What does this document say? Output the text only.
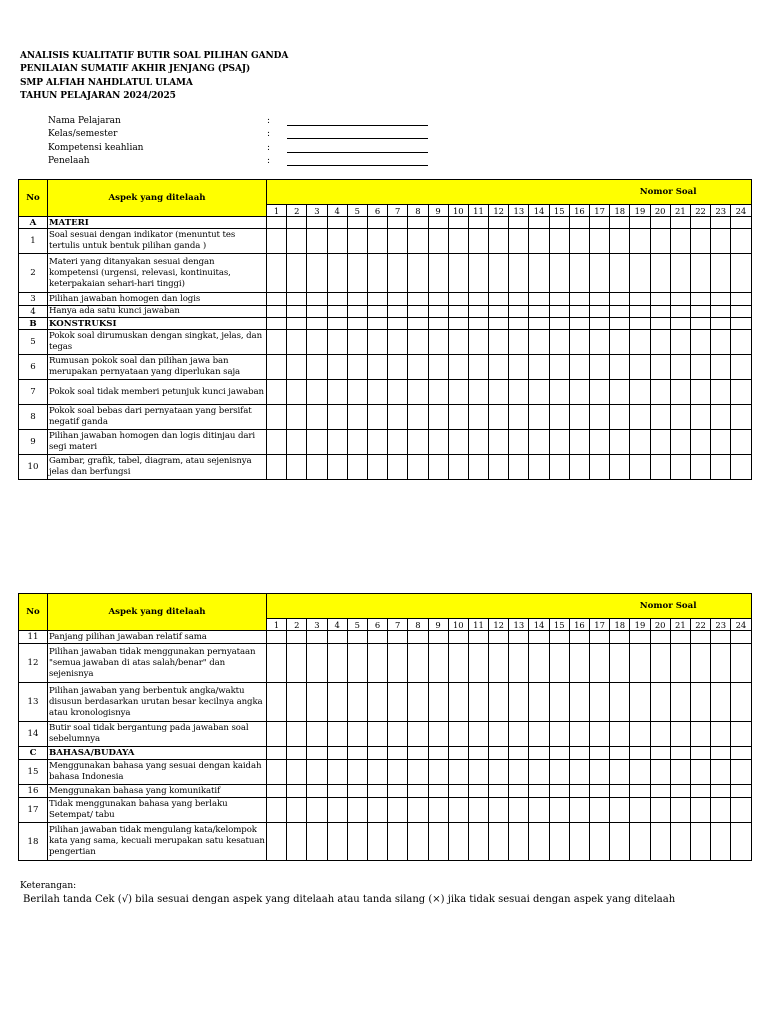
ANALISIS KUALITATIF BUTIR SOAL PILIHAN GANDA
PENILAIAN SUMATIF AKHIR JENJANG (PSAJ)
SMP ALFIAH NAHDLATUL ULAMA
TAHUN PELAJARAN 2024/2025
Nama Pelajaran	:
Kelas/semester	:
Kompetensi keahlian	:
Penelaah	:
No	Aspek yang ditelaah	Nomor Soal																							
		1	2	3	4	5	6	7	8	9	10	11	12	13	14	15	16	17	18	19	20	21	22	23	24
A	MATERI																								
1	Soal sesuai dengan indikator (menuntut tes tertulis untuk bentuk pilihan ganda )																								
2	Materi yang ditanyakan sesuai dengan kompetensi (urgensi, relevasi, kontinuitas, keterpakaian sehari-hari tinggi)																								
3	Pilihan jawaban homogen dan logis																								
4	Hanya ada satu kunci jawaban																								
B	KONSTRUKSI																								
5	Pokok soal dirumuskan dengan singkat, jelas, dan tegas																								
6	Rumusan pokok soal dan pilihan jawa ban merupakan pernyataan yang diperlukan saja																								
7	Pokok soal tidak memberi petunjuk kunci jawaban																								
8	Pokok soal bebas dari pernyataan yang bersifat negatif ganda																								
9	Pilihan jawaban homogen dan logis ditinjau dari segi materi																								
10	Gambar, grafik, tabel, diagram, atau sejenisnya jelas dan berfungsi																								
No	Aspek yang ditelaah	Nomor Soal																							
		1	2	3	4	5	6	7	8	9	10	11	12	13	14	15	16	17	18	19	20	21	22	23	24
11	Panjang pilihan jawaban relatif sama																								
12	Pilihan jawaban tidak menggunakan pernyataan "semua jawaban di atas salah/benar" dan sejenisnya																								
13	Pilihan jawaban yang berbentuk angka/waktu disusun berdasarkan urutan besar kecilnya angka atau kronologisnya																								
14	Butir soal tidak bergantung pada jawaban soal sebelumnya																								
C	BAHASA/BUDAYA																								
15	Menggunakan bahasa yang sesuai dengan kaidah bahasa Indonesia																								
16	Menggunakan bahasa yang komunikatif																								
17	Tidak menggunakan bahasa yang berlaku Setempat/ tabu																								
18	Pilihan jawaban tidak mengulang kata/kelompok kata yang sama, kecuali merupakan satu kesatuan pengertian																								
Keterangan:
Berilah tanda Cek (√) bila sesuai dengan aspek yang ditelaah atau tanda silang (×) jika tidak sesuai dengan aspek yang ditelaah
